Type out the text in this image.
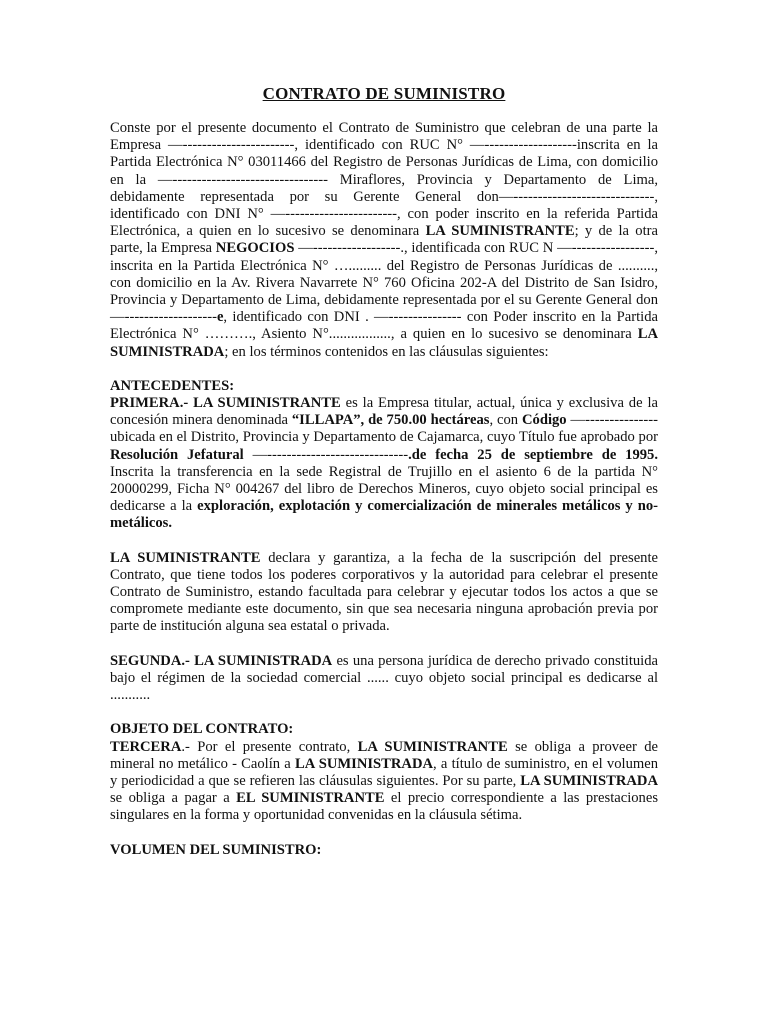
CONTRATO DE SUMINISTRO

Conste por el presente documento el Contrato de Suministro que celebran de una parte la Empresa —-----------------------, identificado con RUC N° —-------------------inscrita en la Partida Electrónica N° 03011466 del Registro de Personas Jurídicas de Lima, con domicilio en la —-------------------------------- Miraflores, Provincia y Departamento de Lima, debidamente representada por su Gerente General don—-----------------------------, identificado con DNI N° —-----------------------, con poder inscrito en la referida Partida Electrónica, a quien en lo sucesivo se denominara LA SUMINISTRANTE; y de la otra parte, la Empresa NEGOCIOS —------------------., identificada con RUC N —-----------------, inscrita en la Partida Electrónica N° …......... del Registro de Personas Jurídicas de .........., con domicilio en la Av. Rivera Navarrete N° 760 Oficina 202-A del Distrito de San Isidro, Provincia y Departamento de Lima, debidamente representada por el su Gerente General don —-------------------e, identificado con DNI . —--------------- con Poder inscrito en la Partida Electrónica N° ………., Asiento N°................., a quien en lo sucesivo se denominara LA SUMINISTRADA; en los términos contenidos en las cláusulas siguientes:

ANTECEDENTES:

PRIMERA.- LA SUMINISTRANTE es la Empresa titular, actual, única y exclusiva de la concesión minera denominada “ILLAPA”, de 750.00 hectáreas, con Código —--------------- ubicada en el Distrito, Provincia y Departamento de Cajamarca, cuyo Título fue aprobado por Resolución Jefatural —-----------------------------.de fecha 25 de septiembre de 1995. Inscrita la transferencia en la sede Registral de Trujillo en el asiento 6 de la partida N° 20000299, Ficha N° 004267 del libro de Derechos Mineros, cuyo objeto social principal es dedicarse a la exploración, explotación y comercialización de minerales metálicos y no-metálicos.

LA SUMINISTRANTE declara y garantiza, a la fecha de la suscripción del presente Contrato, que tiene todos los poderes corporativos y la autoridad para celebrar el presente Contrato de Suministro, estando facultada para celebrar y ejecutar todos los actos a que se compromete mediante este documento, sin que sea necesaria ninguna aprobación previa por parte de institución alguna sea estatal o privada.

SEGUNDA.- LA SUMINISTRADA es una persona jurídica de derecho privado constituida bajo el régimen de la sociedad comercial ...... cuyo objeto social principal es dedicarse al ...........

OBJETO DEL CONTRATO:

TERCERA.- Por el presente contrato, LA SUMINISTRANTE se obliga a proveer de mineral no metálico - Caolín a LA SUMINISTRADA, a título de suministro, en el volumen y periodicidad a que se refieren las cláusulas siguientes. Por su parte, LA SUMINISTRADA se obliga a pagar a EL SUMINISTRANTE el precio correspondiente a las prestaciones singulares en la forma y oportunidad convenidas en la cláusula sétima.

VOLUMEN DEL SUMINISTRO:
